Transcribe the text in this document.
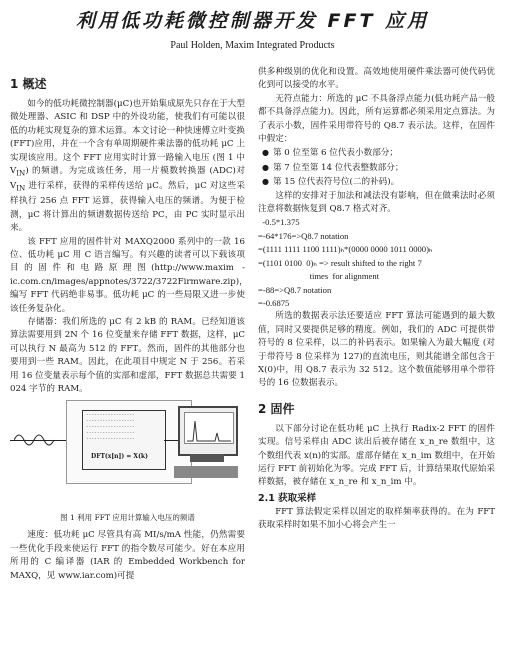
利用低功耗微控制器开发 FFT 应用
Paul Holden, Maxim Integrated Products
1 概述

如今的低功耗微控制器(μC)也开始集成原先只存在于大型微处理器、ASIC 和 DSP 中的外设功能，使我们有可能以很低的功耗实现复杂的算术运算。本文讨论一种快速傅立叶变换(FFT)应用，并在一个含有单周期硬件乘法器的低功耗 μC 上实现该应用。这个 FFT 应用实时计算一路输入电压 (图 1 中 $V_{IN}$) 的频谱。为完成该任务，用一片模数转换器 (ADC)对 $V_{IN}$ 进行采样，获得的采样传送给 μC。然后，μC 对这些采样执行 256 点 FFT 运算，获得输入电压的频谱。为便于检测，μC 将计算出的频谱数据传送给 PC，由 PC 实时显示出来。

该 FFT 应用的固件针对 MAXQ2000 系列中的一款 16 位、低功耗 μC 用 C 语言编写。有兴趣的读者可以下载该项目的固件和电路原理图(http://www.maxim -ic.com.cn/images/appnotes/3722/3722Firmware.zip)，编写 FFT 代码绝非易事。低功耗 μC 的一些局限又进一步使该任务复杂化。

存储器：我们所选的 μC 有 2 kB 的 RAM。已经知道该算法需要用到 2N 个 16 位变量来存储 FFT 数据，这样，μC 可以执行 N 最高为 512 的 FFT。然而，固件的其他部分也要用到一些 RAM。因此，在此项目中规定 N 于 256。若采用 16 位变量表示每个值的实部和虚部，FFT 数据总共需要 1 024 字节的 RAM。

------------------
------------------
------------------
------------------
------------------
DFT(x[n]) = X(k)
图 1 利用 FFT 应用计算输入电压的频谱

速度：低功耗 μC 尽管具有高 MI/s/mA 性能，仍然需要一些优化手段来使运行 FFT 的指令数尽可能少。好在本应用所用的 C 编译器 (IAR 的 Embedded Workbench for MAXQ，见 www.iar.com)可提

供多种级别的优化和设置。高效地使用硬件乘法器可使代码优化到可以接受的水平。

无符点能力：所选的 μC 不具备浮点能力(低功耗产品一般都不具备浮点能力)。因此，所有运算都必须采用定点算法。为了表示小数，固件采用带符号的 Q8.7 表示法。这样，在固件中假定：

● 第 0 位至第 6 位代表小数部分；

● 第 7 位至第 14 位代表整数部分；

● 第 15 位代表符号位(二的补码)。

这样的安排对于加法和减法没有影响，但在做乘法时必须注意将数据恢复到 Q8.7 格式对齐。

-0.5*1.375
=-64*176=>Q8.7 notation
=(1111 1111 1100 1111)ₕ*(0000 0000 1011 0000)ₕ
=(1101 0100  0)ₕ => result shifted to the right 7
times  for alignment
=-88=>Q8.7 notation
=-0.6875

所选的数据表示法还要适应 FFT 算法可能遇到的最大数值，同时又要提供足够的精度。例如，我们的 ADC 可提供带符号的 8 位采样，以二的补码表示。如果输入为最大幅度 (对于带符号 8 位采样为 127)的直流电压，则其能谱全部包含于 X(0)中，用 Q8.7 表示为 32 512。这个数值能够用单个带符号的 16 位数据表示。

2 固件

以下部分讨论在低功耗 μC 上执行 Radix-2 FFT 的固件实现。信号采样由 ADC 读出后被存储在 x_n_re 数组中，这个数组代表 x(n)的实部。虚部存储在 x_n_im 数组中，在开始运行 FFT 前初始化为零。完成 FFT 后，计算结果取代原始采样数据，被存储在 x_n_re 和 x_n_im 中。

2.1 获取采样

FFT 算法假定采样以固定的取样频率获得的。在为 FFT 获取采样时如果不加小心将会产生一
